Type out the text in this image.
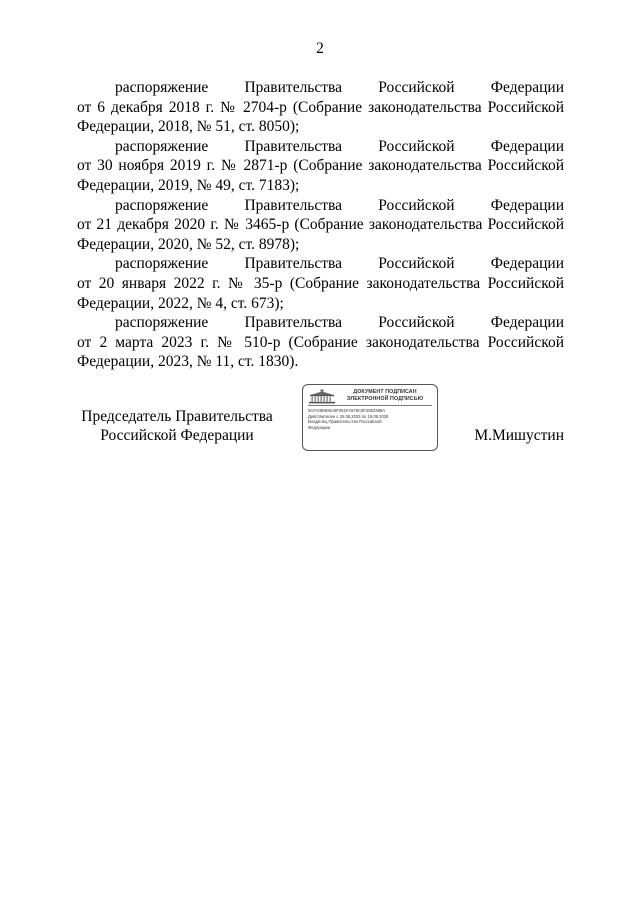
2

распоряжение Правительства Российской Федерации
от 6 декабря 2018 г. № 2704-р (Собрание законодательства Российской
Федерации, 2018, № 51, ст. 8050);

распоряжение Правительства Российской Федерации
от 30 ноября 2019 г. № 2871-р (Собрание законодательства Российской
Федерации, 2019, № 49, ст. 7183);

распоряжение Правительства Российской Федерации
от 21 декабря 2020 г. № 3465-р (Собрание законодательства Российской
Федерации, 2020, № 52, ст. 8978);

распоряжение Правительства Российской Федерации
от 20 января 2022 г. № 35-р (Собрание законодательства Российской
Федерации, 2022, № 4, ст. 673);

распоряжение Правительства Российской Федерации
от 2 марта 2023 г. № 510-р (Собрание законодательства Российской
Федерации, 2023, № 11, ст. 1830).

Председатель Правительства
Российской Федерации
ДОКУМЕНТ ПОДПИСАН
ЭЛЕКТРОННОЙ ПОДПИСЬЮ
0CFA0B9D6A6F051FA579C6F2962386A
Действителен с 26.06.2025 по 19.09.2026
Владелец Правительство Российской
Федерации	М.Мишустин
